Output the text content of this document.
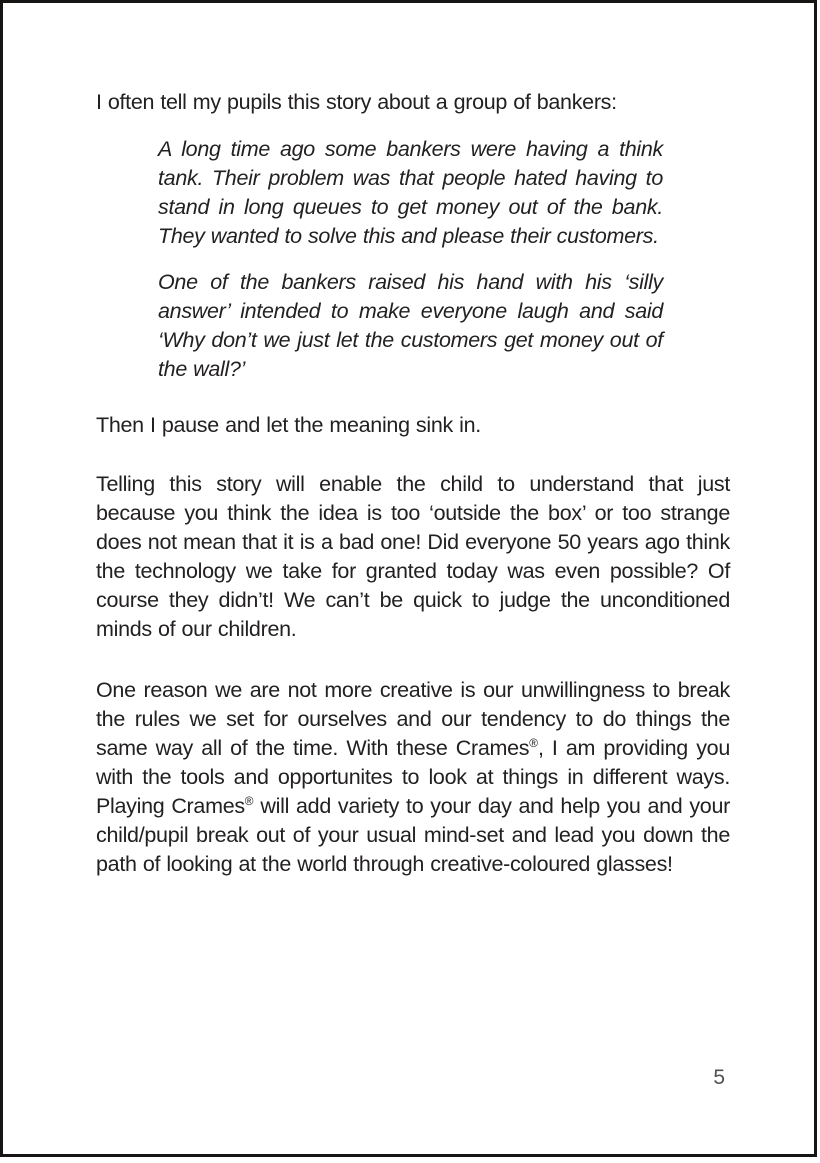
I often tell my pupils this story about a group of bankers:

A long time ago some bankers were having a think tank. Their problem was that people hated having to stand in long queues to get money out of the bank. They wanted to solve this and please their customers.

One of the bankers raised his hand with his ‘silly answer’ intended to make everyone laugh and said ‘Why don’t we just let the customers get money out of the wall?’

Then I pause and let the meaning sink in.

Telling this story will enable the child to understand that just because you think the idea is too ‘outside the box’ or too strange does not mean that it is a bad one! Did everyone 50 years ago think the technology we take for granted today was even possible? Of course they didn’t! We can’t be quick to judge the unconditioned minds of our children.

One reason we are not more creative is our unwillingness to break the rules we set for ourselves and our tendency to do things the same way all of the time. With these Crames®, I am providing you with the tools and opportunites to look at things in different ways. Playing Crames® will add variety to your day and help you and your child/pupil break out of your usual mind-set and lead you down the path of looking at the world through creative-coloured glasses!

5
